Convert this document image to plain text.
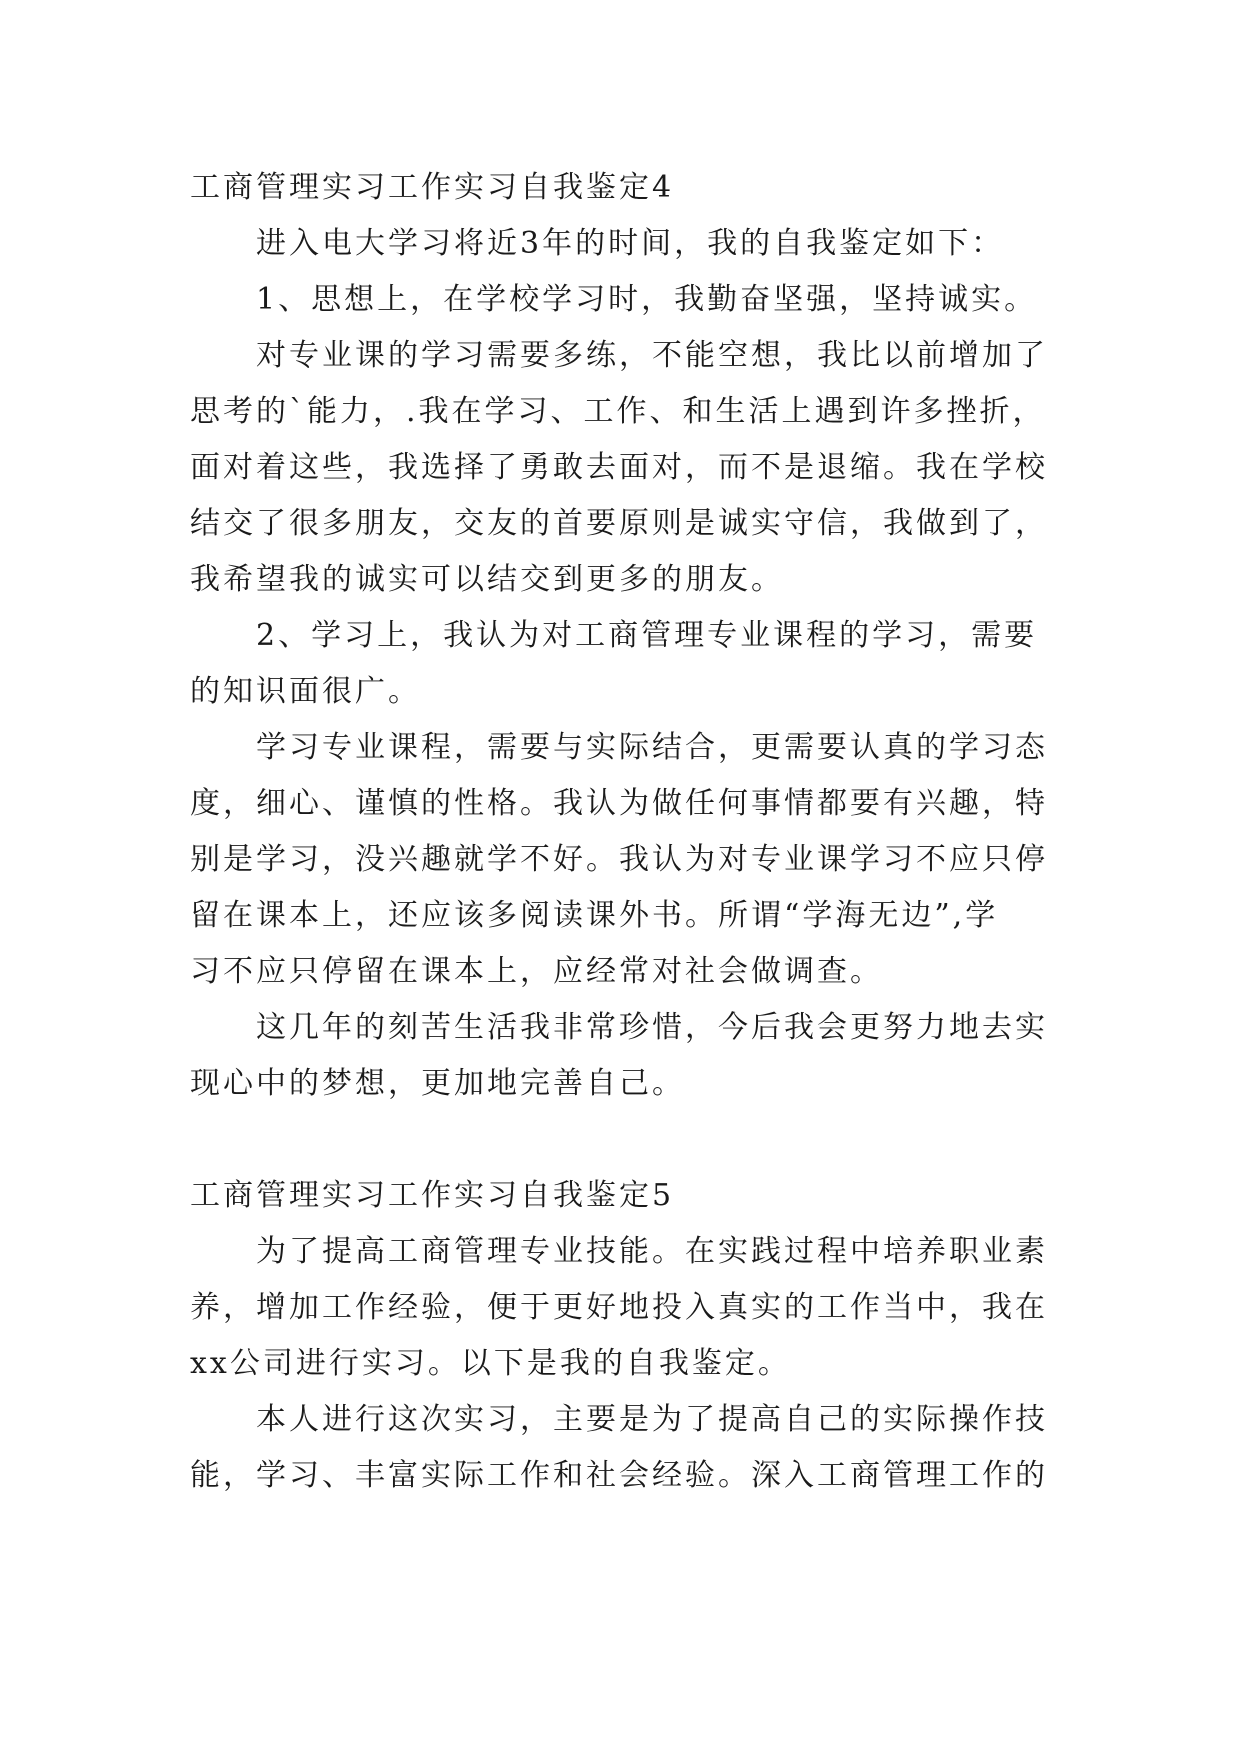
工商管理实习工作实习自我鉴定4
进入电大学习将近3年的时间，我的自我鉴定如下：
1、思想上，在学校学习时，我勤奋坚强，坚持诚实。
对专业课的学习需要多练，不能空想，我比以前增加了
思考的`能力，.我在学习、工作、和生活上遇到许多挫折，
面对着这些，我选择了勇敢去面对，而不是退缩。我在学校
结交了很多朋友，交友的首要原则是诚实守信，我做到了，
我希望我的诚实可以结交到更多的朋友。
2、学习上，我认为对工商管理专业课程的学习，需要
的知识面很广。
学习专业课程，需要与实际结合，更需要认真的学习态
度，细心、谨慎的性格。我认为做任何事情都要有兴趣，特
别是学习，没兴趣就学不好。我认为对专业课学习不应只停
留在课本上，还应该多阅读课外书。所谓“学海无边”,学
习不应只停留在课本上，应经常对社会做调查。
这几年的刻苦生活我非常珍惜，今后我会更努力地去实
现心中的梦想，更加地完善自己。
工商管理实习工作实习自我鉴定5
为了提高工商管理专业技能。在实践过程中培养职业素
养，增加工作经验，便于更好地投入真实的工作当中，我在
xx公司进行实习。以下是我的自我鉴定。
本人进行这次实习，主要是为了提高自己的实际操作技
能，学习、丰富实际工作和社会经验。深入工商管理工作的
